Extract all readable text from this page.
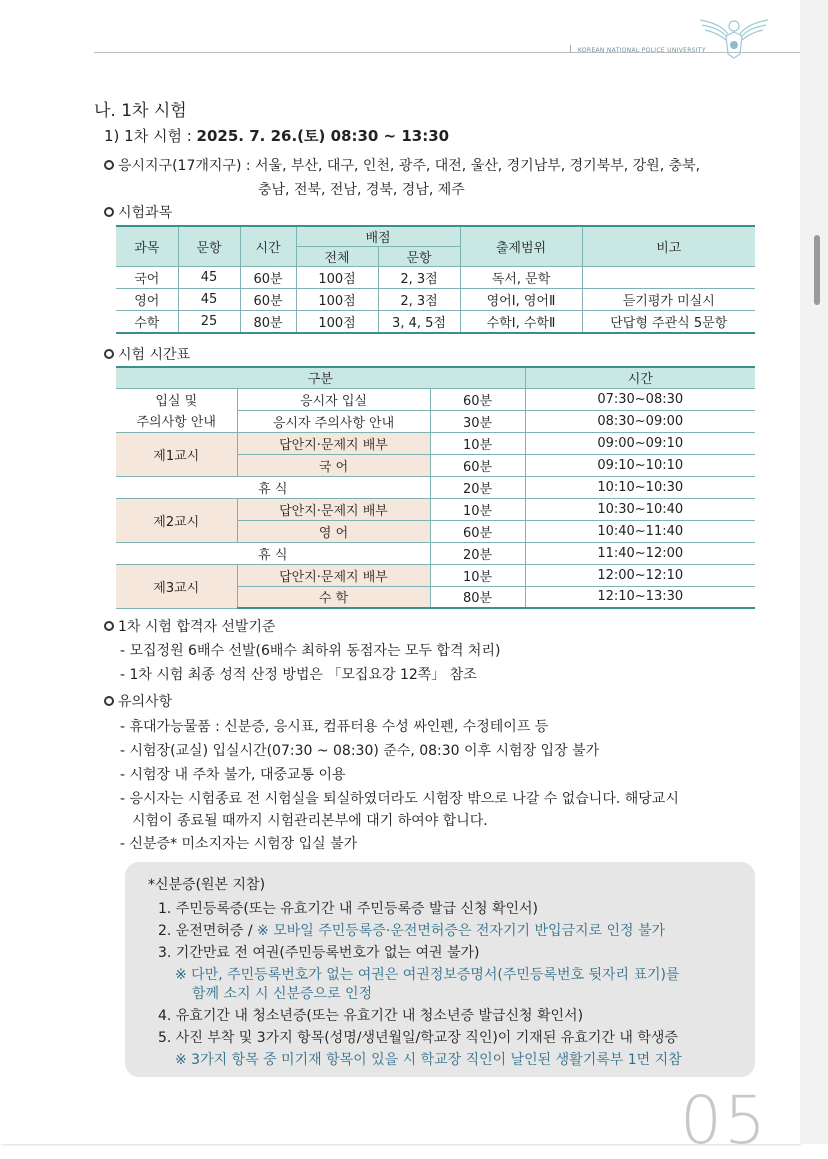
KOREAN NATIONAL POLICE UNIVERSITY
나. 1차 시험
1) 1차 시험 : 2025. 7. 26.(토) 08:30 ~ 13:30
응시지구(17개지구) : 서울, 부산, 대구, 인천, 광주, 대전, 울산, 경기남부, 경기북부, 강원, 충북,
충남, 전북, 전남, 경북, 경남, 제주
시험과목
과목	문항	시간	배점		출제범위	비고
			전체	문항		
국어	45	60분	100점	2, 3점	독서, 문학	
영어	45	60분	100점	2, 3점	영어Ⅰ, 영어Ⅱ	듣기평가 미실시
수학	25	80분	100점	3, 4, 5점	수학Ⅰ, 수학Ⅱ	단답형 주관식 5문항
시험 시간표
구분			시간
입실 및	응시자 입실	60분	07:30~08:30
주의사항 안내	응시자 주의사항 안내	30분	08:30~09:00
제1교시	답안지·문제지 배부	10분	09:00~09:10
	국 어	60분	09:10~10:10
휴 식		20분	10:10~10:30
제2교시	답안지·문제지 배부	10분	10:30~10:40
	영 어	60분	10:40~11:40
휴 식		20분	11:40~12:00
제3교시	답안지·문제지 배부	10분	12:00~12:10
	수 학	80분	12:10~13:30
1차 시험 합격자 선발기준
- 모집정원 6배수 선발(6배수 최하위 동점자는 모두 합격 처리)
- 1차 시험 최종 성적 산정 방법은 「모집요강 12쪽」 참조
유의사항
- 휴대가능물품 : 신분증, 응시표, 컴퓨터용 수성 싸인펜, 수정테이프 등
- 시험장(교실) 입실시간(07:30 ~ 08:30) 준수, 08:30 이후 시험장 입장 불가
- 시험장 내 주차 불가, 대중교통 이용
- 응시자는 시험종료 전 시험실을 퇴실하였더라도 시험장 밖으로 나갈 수 없습니다. 해당교시
시험이 종료될 때까지 시험관리본부에 대기 하여야 합니다.
- 신분증* 미소지자는 시험장 입실 불가
*신분증(원본 지참)
1. 주민등록증(또는 유효기간 내 주민등록증 발급 신청 확인서)
2. 운전면허증 / ※ 모바일 주민등록증·운전면허증은 전자기기 반입금지로 인정 불가
3. 기간만료 전 여권(주민등록번호가 없는 여권 불가)
※ 다만, 주민등록번호가 없는 여권은 여권정보증명서(주민등록번호 뒷자리 표기)를
함께 소지 시 신분증으로 인정
4. 유효기간 내 청소년증(또는 유효기간 내 청소년증 발급신청 확인서)
5. 사진 부착 및 3가지 항목(성명/생년월일/학교장 직인)이 기재된 유효기간 내 학생증
※ 3가지 항목 중 미기재 항목이 있을 시 학교장 직인이 날인된 생활기록부 1면 지참
05
